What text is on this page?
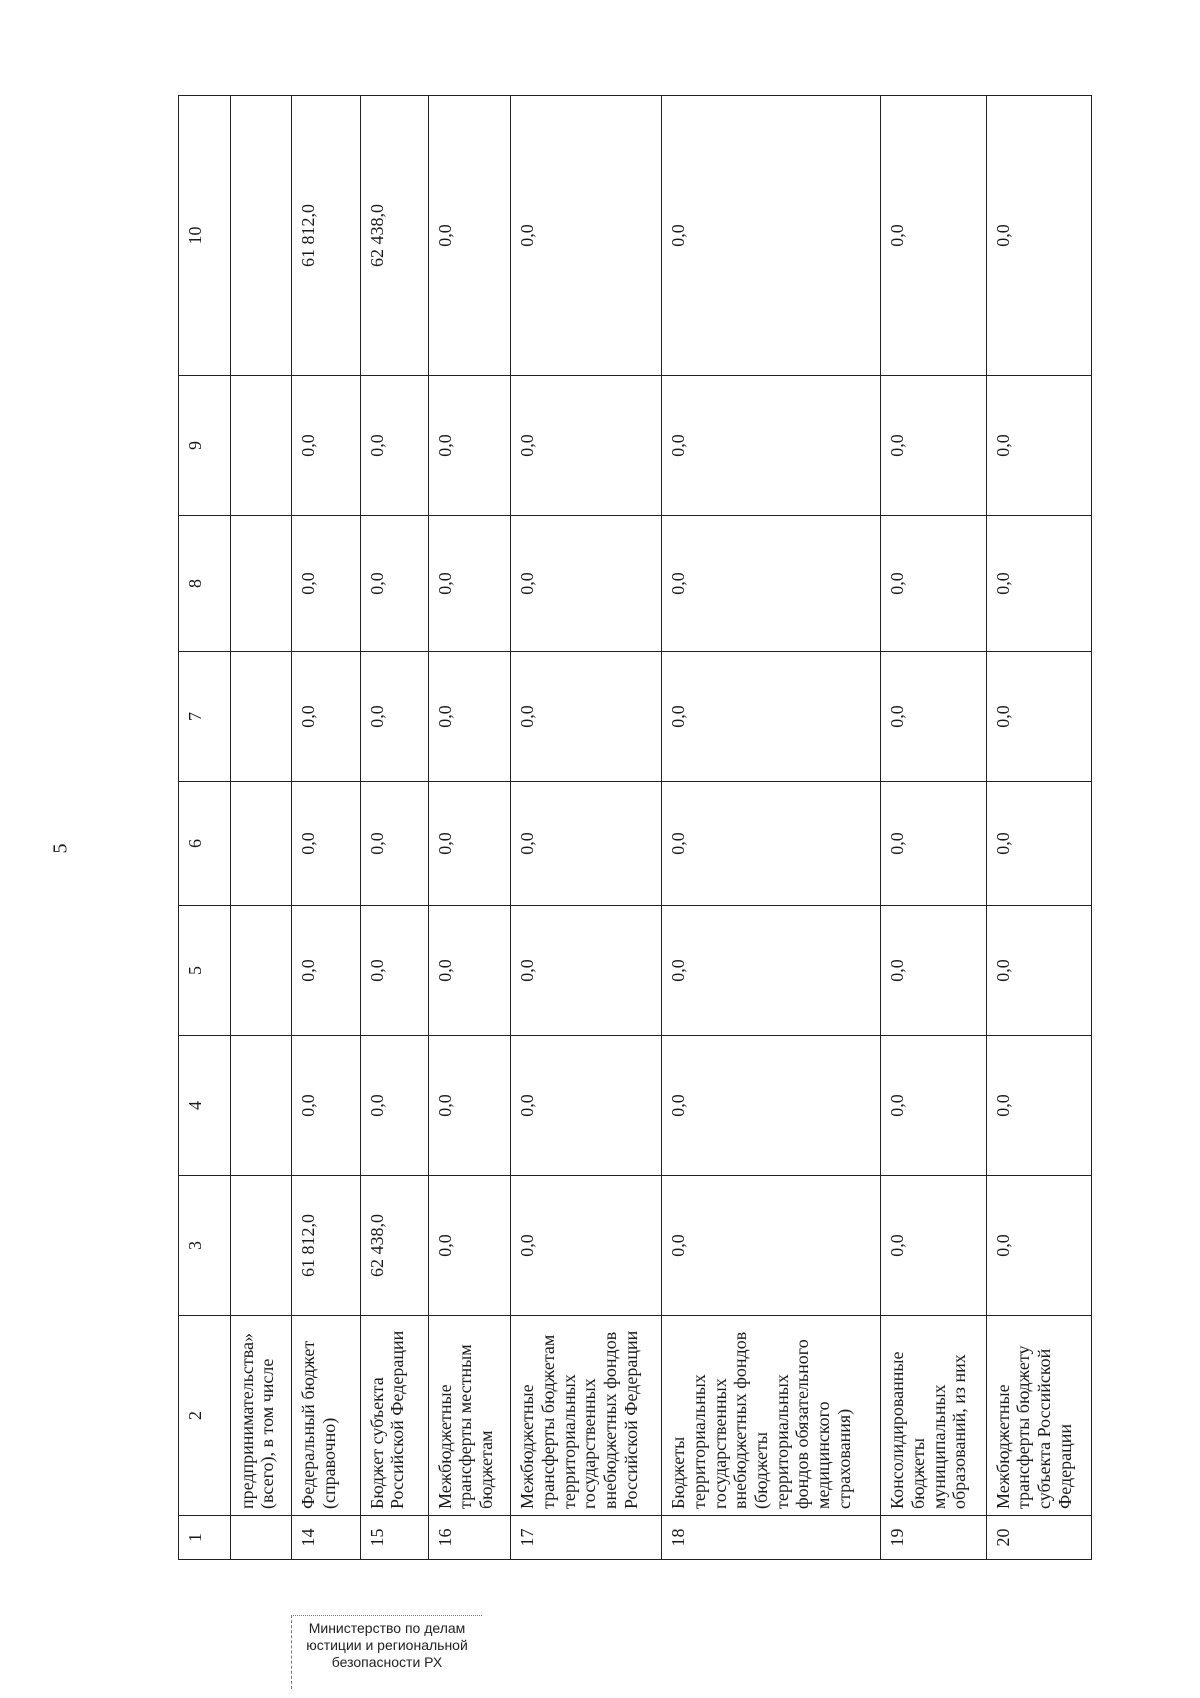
5
1	2	3	4	5	6	7	8	9	10
	предпринимательства» (всего), в том числе								
14	Федеральный бюджет (справочно)	61 812,0	0,0	0,0	0,0	0,0	0,0	0,0	61 812,0
15	Бюджет субъекта Российской Федерации	62 438,0	0,0	0,0	0,0	0,0	0,0	0,0	62 438,0
16	Межбюджетные трансферты местным бюджетам	0,0	0,0	0,0	0,0	0,0	0,0	0,0	0,0
17	Межбюджетные трансферты бюджетам территориальных государственных внебюджетных фондов Российской Федерации	0,0	0,0	0,0	0,0	0,0	0,0	0,0	0,0
18	Бюджеты территориальных государственных внебюджетных фондов (бюджеты территориальных фондов обязательного медицинского страхования)	0,0	0,0	0,0	0,0	0,0	0,0	0,0	0,0
19	Консолидированные бюджеты муниципальных образований, из них	0,0	0,0	0,0	0,0	0,0	0,0	0,0	0,0
20	Межбюджетные трансферты бюджету субъекта Российской Федерации	0,0	0,0	0,0	0,0	0,0	0,0	0,0	0,0
Министерство по делам
юстиции и региональной
безопасности РХ
